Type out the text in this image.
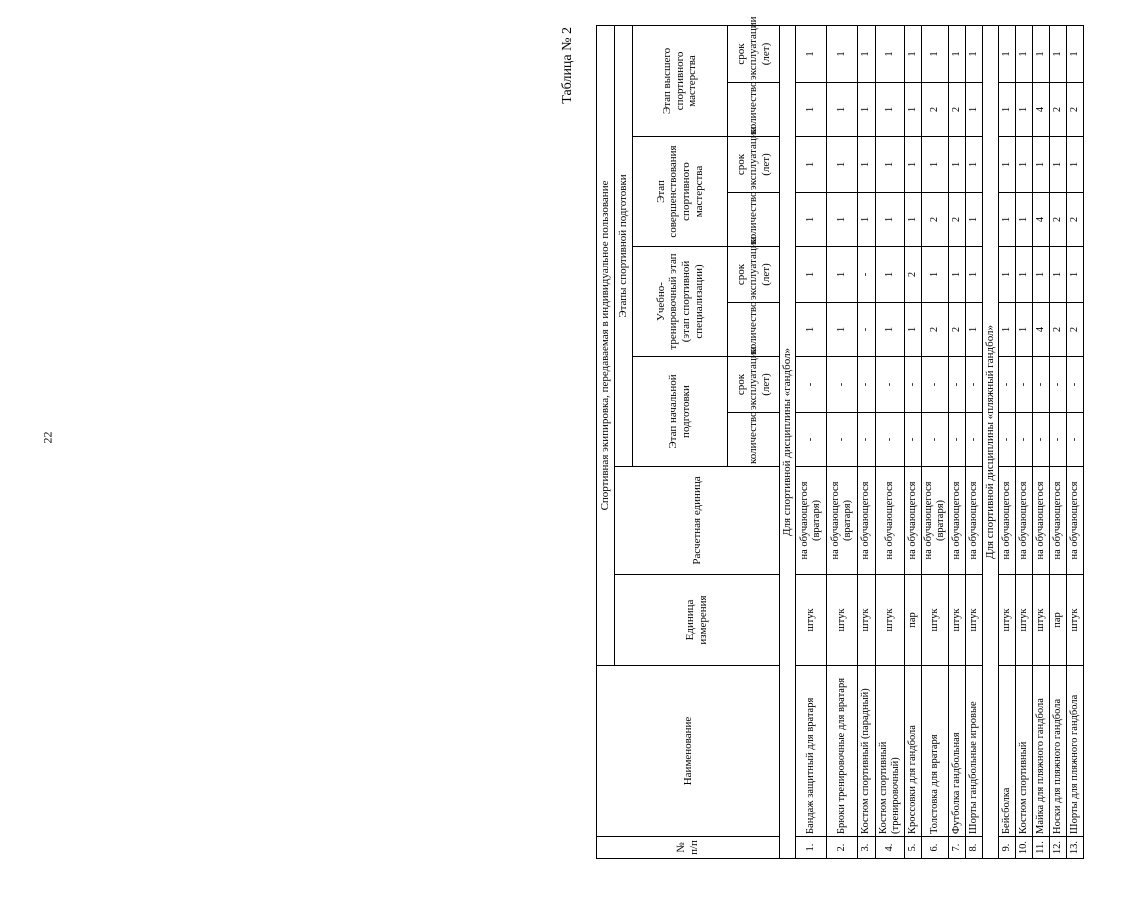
22
Таблица № 2
№ п/п	Наименование	Спортивная экипировка, передаваемая в индивидуальное пользование									
		Единица измерения	Расчетная единица	Этапы спортивной подготовки							
				Этап начальной подготовки		Учебно-тренировочный этап (этап спортивной специализации)		Этап совершенствования спортивного мастерства		Этап высшего спортивного мастерства	
				количество	срок эксплуатации (лет)	количество	срок эксплуатации (лет)	количество	срок эксплуатации (лет)	количество	срок эксплуатации (лет)
Для спортивной дисциплины «гандбол»											
1.	Бандаж защитный для вратаря	штук	на обучающегося (вратаря)	-	-	1	1	1	1	1	1
2.	Брюки тренировочные для вратаря	штук	на обучающегося (вратаря)	-	-	1	1	1	1	1	1
3.	Костюм спортивный (парадный)	штук	на обучающегося	-	-	-	-	1	1	1	1
4.	Костюм спортивный (тренировочный)	штук	на обучающегося	-	-	1	1	1	1	1	1
5.	Кроссовки для гандбола	пар	на обучающегося	-	-	1	2	1	1	1	1
6.	Толстовка для вратаря	штук	на обучающегося (вратаря)	-	-	2	1	2	1	2	1
7.	Футболка гандбольная	штук	на обучающегося	-	-	2	1	2	1	2	1
8.	Шорты гандбольные игровые	штук	на обучающегося	-	-	1	1	1	1	1	1
Для спортивной дисциплины «пляжный гандбол»											
9.	Бейсболка	штук	на обучающегося	-	-	1	1	1	1	1	1
10.	Костюм спортивный	штук	на обучающегося	-	-	1	1	1	1	1	1
11.	Майка для пляжного гандбола	штук	на обучающегося	-	-	4	1	4	1	4	1
12.	Носки для пляжного гандбола	пар	на обучающегося	-	-	2	1	2	1	2	1
13.	Шорты для пляжного гандбола	штук	на обучающегося	-	-	2	1	2	1	2	1
